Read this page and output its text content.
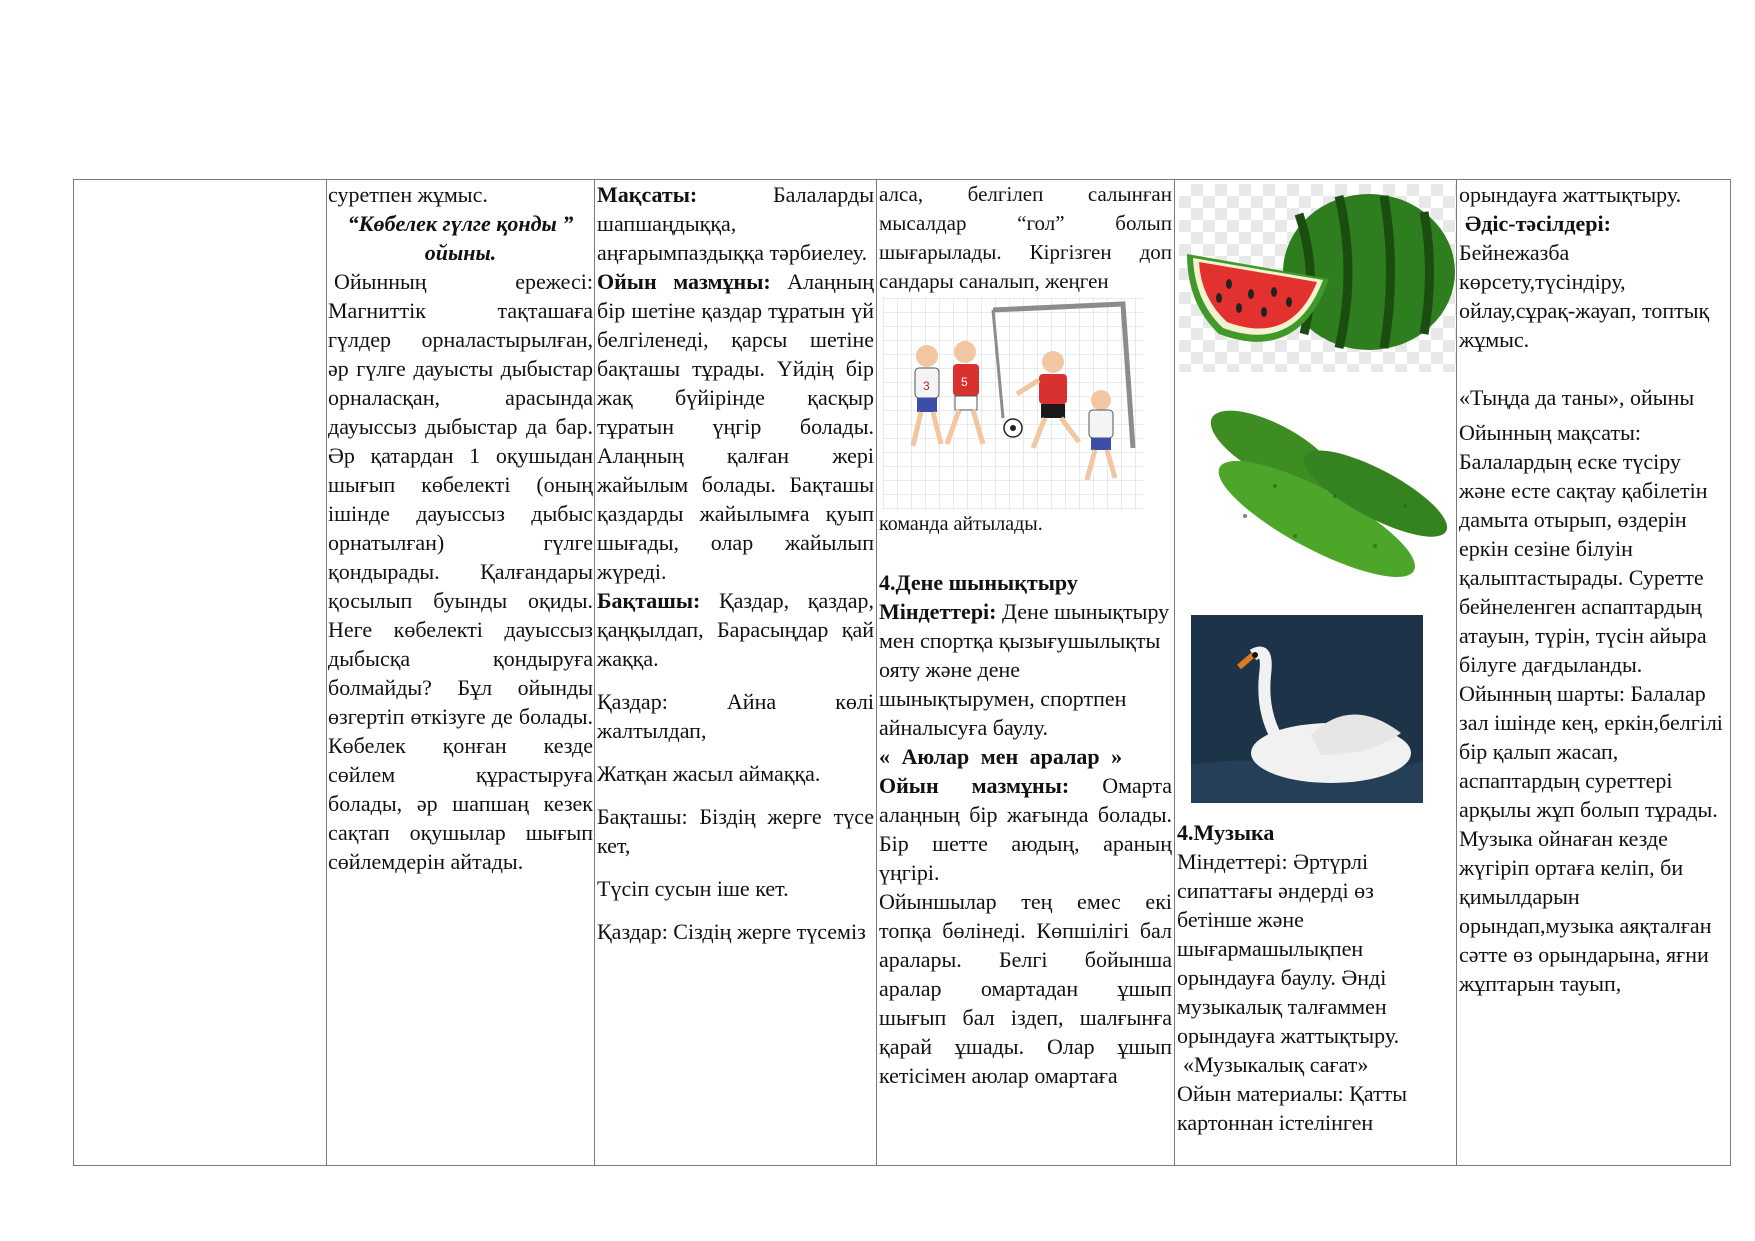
суретпен жұмыс.

“Көбелек гүлге қонды ”

ойыны.

Ойынның ережесі: Магниттік тақташаға гүлдер орналастырылған, әр гүлге дауысты дыбыстар орналасқан, арасында дауыссыз дыбыстар да бар. Әр қатардан 1 оқушыдан шығып көбелекті (оның ішінде дауыссыз дыбыс орнатылған) гүлге қондырады. Қалғандары қосылып буынды оқиды. Неге көбелекті дауыссыз дыбысқа қондыруға болмайды? Бұл ойынды өзгертіп өткізуге де болады. Көбелек қонған кезде сөйлем құрастыруға болады, әр шапшаң кезек сақтап оқушылар шығып сөйлемдерін айтады.

Мақсаты:	Балаларды шапшаңдыққа, аңғарымпаздыққа тәрбиелеу.

Ойын мазмұны: Алаңның бір шетіне қаздар тұратын үй белгіленеді, қарсы шетіне бақташы тұрады. Үйдің бір жақ бүйірінде қасқыр тұратын үңгір болады. Алаңның қалған жері жайылым болады. Бақташы қаздарды жайылымға қуып шығады, олар жайылып жүреді.

Бақташы: Қаздар, қаздар, қаңқылдап, Барасыңдар қай жаққа.

Қаздар: Айна көлі жалтылдап,

Жатқан жасыл аймаққа.

Бақташы: Біздің жерге түсе кет,

Түсіп сусын іше кет.

Қаздар: Сіздің жерге түсеміз

алса, белгілеп салынған мысалдар “гол” болып шығарылады. Кіргізген доп сандары саналып, жеңген

3	5

команда айтылады.

4.Дене шынықтыру

Міндеттері: Дене шынықтыру мен спортқа қызығушылықты ояту және дене шынықтырумен, спортпен айналысуға баулу.

« Аюлар мен аралар »

Ойын мазмұны: Омарта алаңның бір жағында болады. Бір шетте аюдың, араның үңгірі.

Ойыншылар тең емес екі топқа бөлінеді. Көпшілігі бал аралары. Белгі бойынша аралар омартадан ұшып шығып бал іздеп, шалғынға қарай ұшады. Олар ұшып кетісімен аюлар омартаға

4.Музыка

Міндеттері: Әртүрлі сипаттағы әндерді өз бетінше және шығармашылықпен орындауға баулу. Әнді музыкалық талғаммен орындауға жаттықтыру.

«Музыкалық сағат»

Ойын материалы: Қатты картоннан істелінген

орындауға жаттықтыру.

Әдіс-тәсілдері:
Бейнежазба көрсету,түсіндіру, ойлау,сұрақ-жауап, топтық жұмыс.

«Тыңда да таны», ойыны

Ойынның мақсаты: Балалардың еске түсіру және есте сақтау қабілетін дамыта отырып, өздерін еркін сезіне білуін қалыптастырады. Суретте бейнеленген аспаптардың атауын, түрін, түсін айыра білуге дағдыланды.

Ойынның шарты: Балалар зал ішінде кең, еркін,белгілі бір қалып жасап, аспаптардың суреттері арқылы жұп болып тұрады. Музыка ойнаған кезде жүгіріп ортаға келіп, би қимылдарын орындап,музыка аяқталған сәтте өз орындарына, яғни жұптарын тауып,
